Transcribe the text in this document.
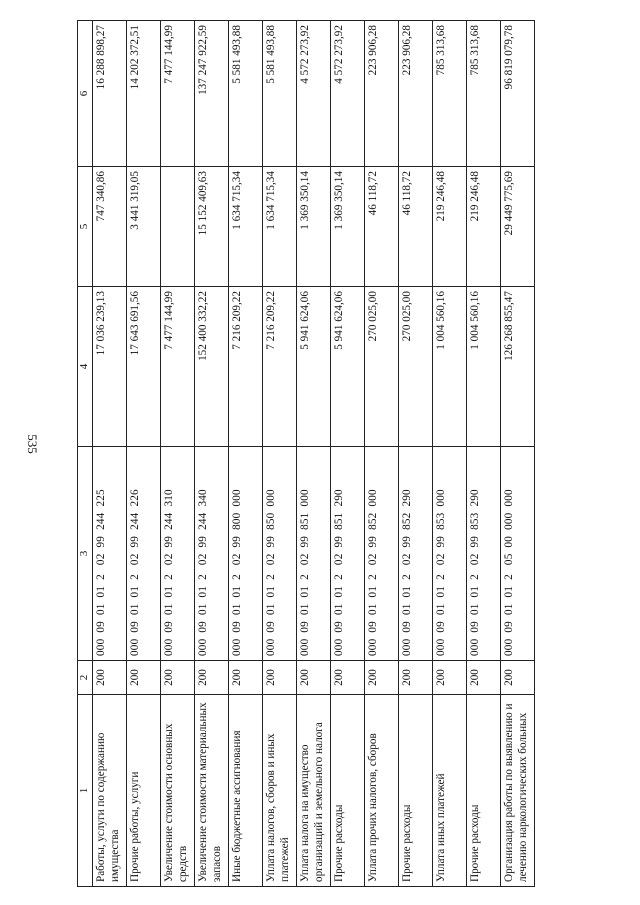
535
1	2	3	4	5	6
Работы, услуги по содержанию имущества	200	000  09  01  01  2   02  99  244  225	17 036 239,13	747 340,86	16 288 898,27
Прочие работы, услуги	200	000  09  01  01  2   02  99  244  226	17 643 691,56	3 441 319,05	14 202 372,51
Увеличение стоимости основных средств	200	000  09  01  01  2   02  99  244  310	7 477 144,99		7 477 144,99
Увеличение стоимости материальных запасов	200	000  09  01  01  2   02  99  244  340	152 400 332,22	15 152 409,63	137 247 922,59
Иные бюджетные ассигнования	200	000  09  01  01  2   02  99  800  000	7 216 209,22	1 634 715,34	5 581 493,88
Уплата налогов, сборов и иных платежей	200	000  09  01  01  2   02  99  850  000	7 216 209,22	1 634 715,34	5 581 493,88
Уплата налога на имущество организаций и земельного налога	200	000  09  01  01  2   02  99  851  000	5 941 624,06	1 369 350,14	4 572 273,92
Прочие расходы	200	000  09  01  01  2   02  99  851  290	5 941 624,06	1 369 350,14	4 572 273,92
Уплата прочих налогов, сборов	200	000  09  01  01  2   02  99  852  000	270 025,00	46 118,72	223 906,28
Прочие расходы	200	000  09  01  01  2   02  99  852  290	270 025,00	46 118,72	223 906,28
Уплата иных платежей	200	000  09  01  01  2   02  99  853  000	1 004 560,16	219 246,48	785 313,68
Прочие расходы	200	000  09  01  01  2   02  99  853  290	1 004 560,16	219 246,48	785 313,68
Организация работы по выявлению и лечению наркологических больных	200	000  09  01  01  2   05  00  000  000	126 268 855,47	29 449 775,69	96 819 079,78
